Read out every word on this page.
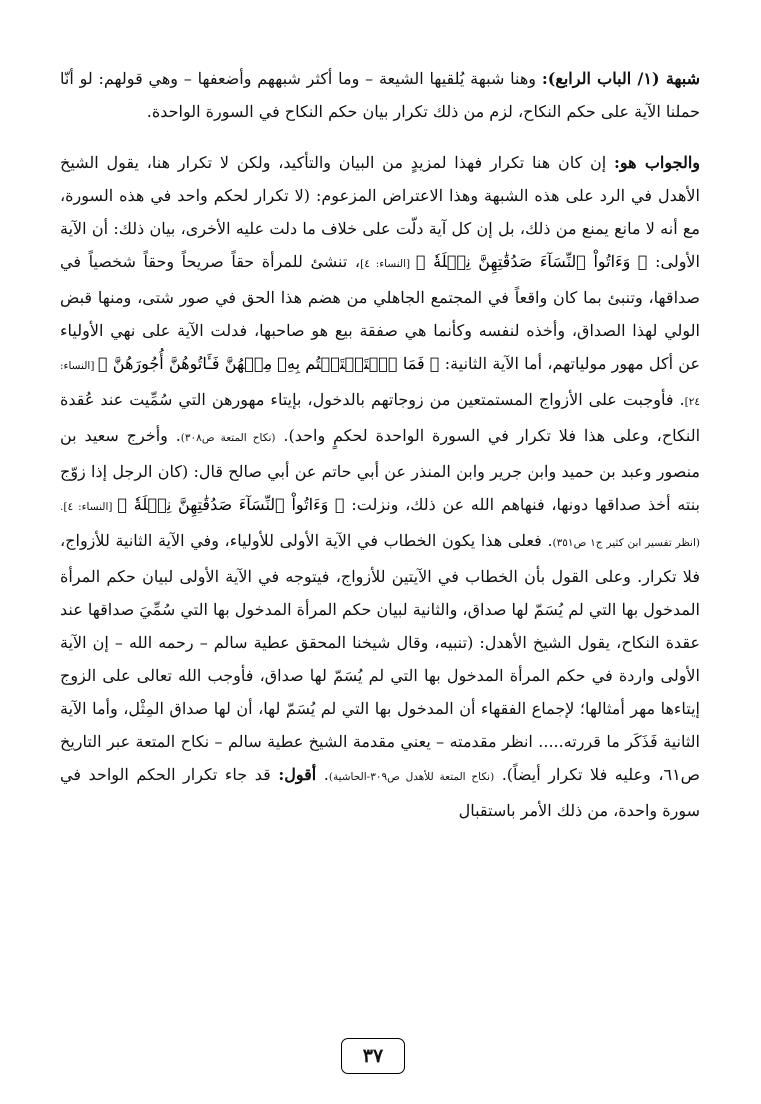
شبهة (١/ الباب الرابع): وهنا شبهة يُلقيها الشيعة – وما أكثر شبههم وأضعفها – وهي قولهم: لو أنّا حملنا الآية على حكم النكاح، لزم من ذلك تكرار بيان حكم النكاح في السورة الواحدة.

والجواب هو: إن كان هنا تكرار فهذا لمزيدٍ من البيان والتأكيد، ولكن لا تكرار هنا، يقول الشيخ الأهدل في الرد على هذه الشبهة وهذا الاعتراض المزعوم: (لا تكرار لحكم واحد في هذه السورة، مع أنه لا مانع يمنع من ذلك، بل إن كل آية دلّت على خلاف ما دلت عليه الأخرى، بيان ذلك: أن الآية الأولى: ﴿ وَءَاتُواْ ٱلنِّسَآءَ صَدُقَٰتِهِنَّ نِحۡلَةٗ ﴾ [النساء: ٤]، تنشئ للمرأة حقاً صريحاً وحقاً شخصياً في صداقها، وتنبئ بما كان واقعاً في المجتمع الجاهلي من هضم هذا الحق في صور شتى، ومنها قبض الولي لهذا الصداق، وأخذه لنفسه وكأنما هي صفقة بيع هو صاحبها، فدلت الآية على نهي الأولياء عن أكل مهور مولياتهم، أما الآية الثانية: ﴿ فَمَا ٱسۡتَمۡتَعۡتُم بِهِۦ مِنۡهُنَّ فَـَٔاتُوهُنَّ أُجُورَهُنَّ ﴾ [النساء: ٢٤]. فأوجبت على الأزواج المستمتعين من زوجاتهم بالدخول، بإيتاء مهورهن التي سُمِّيت عند عُقدة النكاح، وعلى هذا فلا تكرار في السورة الواحدة لحكمٍ واحد). (نكاح المتعة ص٣٠٨). وأخرج سعيد بن منصور وعبد بن حميد وابن جرير وابن المنذر عن أبي حاتم عن أبي صالح قال: (كان الرجل إذا زوّج بنته أخذ صداقها دونها، فنهاهم الله عن ذلك، ونزلت: ﴿ وَءَاتُواْ ٱلنِّسَآءَ صَدُقَٰتِهِنَّ نِحۡلَةٗ ﴾ [النساء: ٤]. (انظر تفسير ابن كثير ج١ ص٣٥١). فعلى هذا يكون الخطاب في الآية الأولى للأولياء، وفي الآية الثانية للأزواج، فلا تكرار. وعلى القول بأن الخطاب في الآيتين للأزواج، فيتوجه في الآية الأولى لبيان حكم المرأة المدخول بها التي لم يُسَمّ لها صداق، والثانية لبيان حكم المرأة المدخول بها التي سُمِّيَ صداقها عند عقدة النكاح، يقول الشيخ الأهدل: (تنبيه، وقال شيخنا المحقق عطية سالم – رحمه الله – إن الآية الأولى واردة في حكم المرأة المدخول بها التي لم يُسَمّ لها صداق، فأوجب الله تعالى على الزوج إيتاءها مهر أمثالها؛ لإجماع الفقهاء أن المدخول بها التي لم يُسَمّ لها، أن لها صداق المِثْل، وأما الآية الثانية فَذَكَر ما قررته..... انظر مقدمته – يعني مقدمة الشيخ عطية سالم – نكاح المتعة عبر التاريخ ص٦١، وعليه فلا تكرار أيضاً). (نكاح المتعة للأهدل ص٣٠٩-الحاشية). أقول: قد جاء تكرار الحكم الواحد في سورة واحدة، من ذلك الأمر باستقبال

٣٧
